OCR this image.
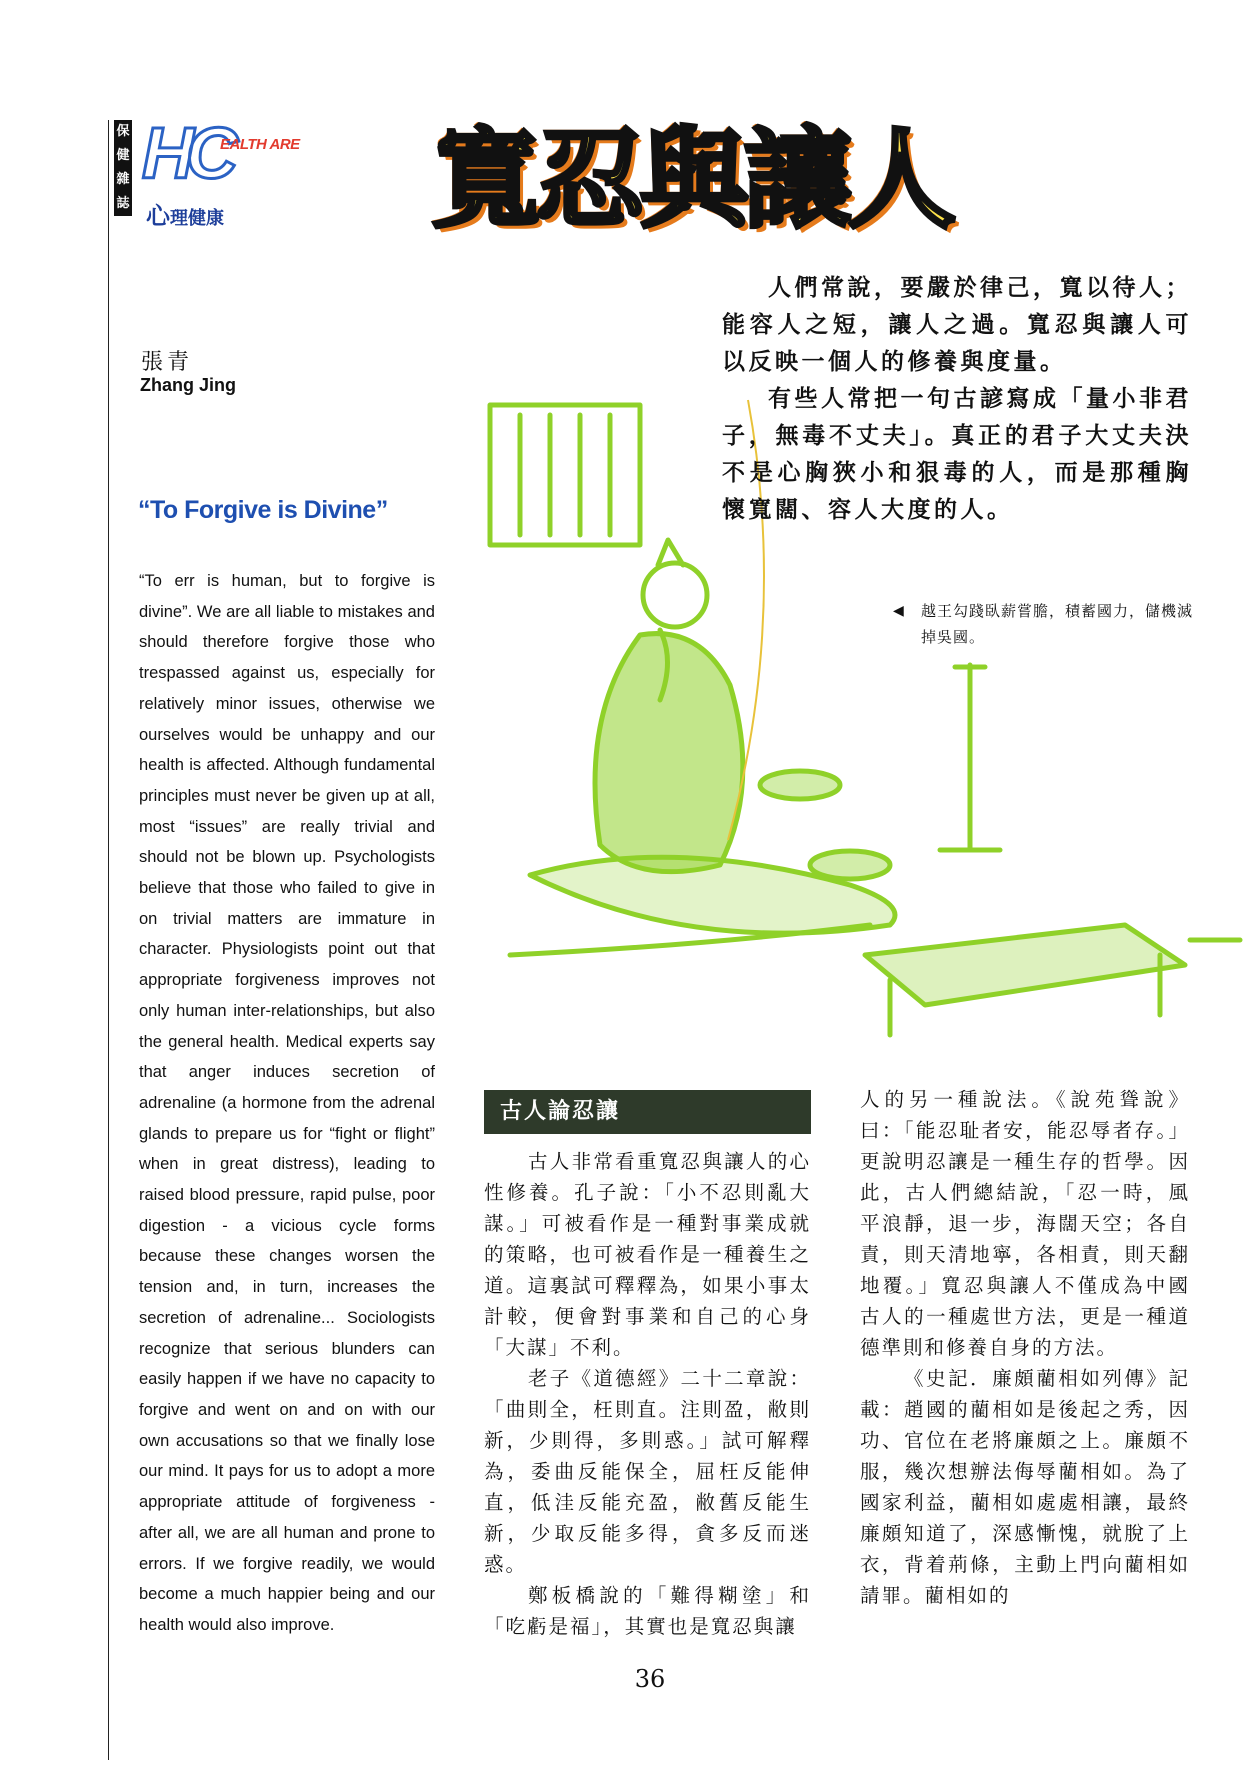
保
健
雜
誌
HC
EALTH ARE
心理健康 寬忍與讓人
張青
Zhang Jing
“To Forgive is Divine”
“To err is human, but to forgive is divine”. We are all liable to mistakes and should therefore forgive those who trespassed against us, especially for relatively minor issues, otherwise we ourselves would be unhappy and our health is affected. Although fundamental principles must never be given up at all, most “issues” are really trivial and should not be blown up. Psychologists believe that those who failed to give in on trivial matters are immature in character. Physiologists point out that appropriate forgiveness improves not only human inter-relationships, but also the general health. Medical experts say that anger induces secretion of adrenaline (a hormone from the adrenal glands to prepare us for “fight or flight” when in great distress), leading to raised blood pressure, rapid pulse, poor digestion - a vicious cycle forms because these changes worsen the tension and, in turn, increases the secretion of adrenaline... Sociologists recognize that serious blunders can easily happen if we have no capacity to forgive and went on and on with our own accusations so that we finally lose our mind. It pays for us to adopt a more appropriate attitude of forgiveness - after all, we are all human and prone to errors. If we forgive readily, we would become a much happier being and our health would also improve.

人們常說，要嚴於律己，寬以待人；能容人之短，讓人之過。寬忍與讓人可以反映一個人的修養與度量。

有些人常把一句古諺寫成「量小非君子，無毒不丈夫」。真正的君子大丈夫決不是心胸狹小和狠毒的人，而是那種胸懷寬闊、容人大度的人。

◀	越王勾踐臥薪嘗膽，積蓄國力，儲機滅掉吳國。
古人論忍讓

古人非常看重寬忍與讓人的心性修養。孔子說：「小不忍則亂大謀。」可被看作是一種對事業成就的策略，也可被看作是一種養生之道。這裏試可釋釋為，如果小事太計較，便會對事業和自己的心身「大謀」不利。

老子《道德經》二十二章說：「曲則全，枉則直。注則盈，敝則新，少則得，多則惑。」試可解釋為，委曲反能保全，屈枉反能伸直，低洼反能充盈，敝舊反能生新，少取反能多得，貪多反而迷惑。

鄭板橋說的「難得糊塗」和「吃虧是福」，其實也是寬忍與讓

人的另一種說法。《說苑聳說》曰：「能忍耻者安，能忍辱者存。」更說明忍讓是一種生存的哲學。因此，古人們總結說，「忍一時，風平浪靜，退一步，海闊天空；各自責，則天清地寧，各相責，則天翻地覆。」寬忍與讓人不僅成為中國古人的一種處世方法，更是一種道德準則和修養自身的方法。

《史記．廉頗藺相如列傳》記載：趙國的藺相如是後起之秀，因功、官位在老將廉頗之上。廉頗不服，幾次想辦法侮辱藺相如。為了國家利益，藺相如處處相讓，最終廉頗知道了，深感慚愧，就脫了上衣，背着荊條，主動上門向藺相如請罪。藺相如的

36
